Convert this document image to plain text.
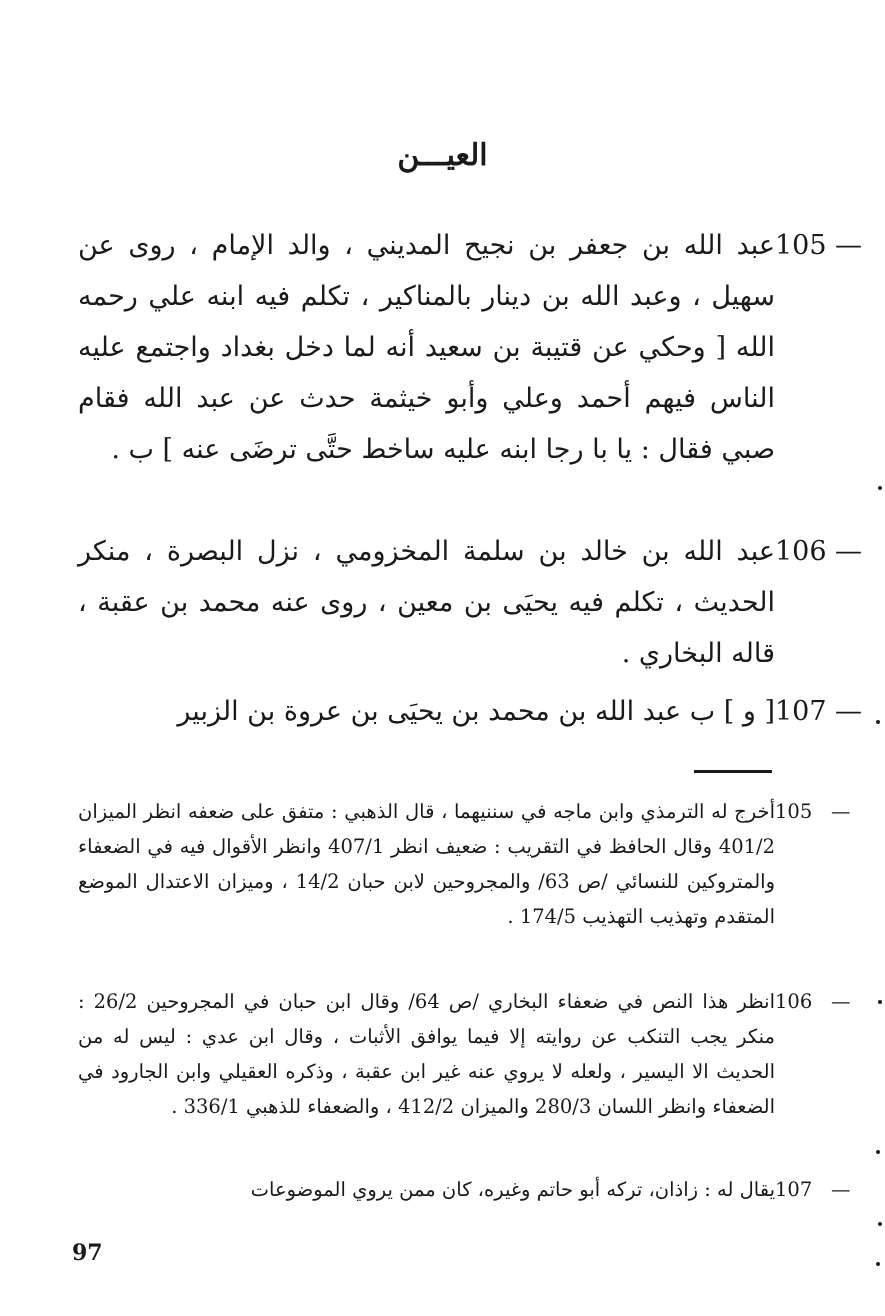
العيـــن
105 —
عبد الله بن جعفر بن نجيح المديني ، والد الإمام ، روى عن سهيل ، وعبد الله بن دينار بالمناكير ، تكلم فيه ابنه علي رحمه الله [ وحكي عن قتيبة بن سعيد أنه لما دخل بغداد واجتمع عليه الناس فيهم أحمد وعلي وأبو خيثمة حدث عن عبد الله فقام صبي فقال : يا با رجا ابنه عليه ساخط حتَّى ترضَى عنه ] ب .
106 —
عبد الله بن خالد بن سلمة المخزومي ، نزل البصرة ، منكر الحديث ، تكلم فيه يحيَى بن معين ، روى عنه محمد بن عقبة ، قاله البخاري .
107 —
[ و ] ب عبد الله بن محمد بن يحيَى بن عروة بن الزبير
105 —
أخرج له الترمذي وابن ماجه في سننيهما ، قال الذهبي : متفق على ضعفه انظر الميزان 401/2 وقال الحافظ في التقريب : ضعيف انظر 407/1 وانظر الأقوال فيه في الضعفاء والمتروكين للنسائي /ص 63/ والمجروحين لابن حبان 14/2 ، وميزان الاعتدال الموضع المتقدم وتهذيب التهذيب 174/5 .
106 —
انظر هذا النص في ضعفاء البخاري /ص 64/ وقال ابن حبان في المجروحين 26/2 : منكر يجب التنكب عن روايته إلا فيما يوافق الأثبات ، وقال ابن عدي : ليس له من الحديث الا اليسير ، ولعله لا يروي عنه غير ابن عقبة ، وذكره العقيلي وابن الجارود في الضعفاء وانظر اللسان 280/3 والميزان 412/2 ، والضعفاء للذهبي 336/1 .
107 —
يقال له : زاذان، تركه أبو حاتم وغيره، كان ممن يروي الموضوعات
97
